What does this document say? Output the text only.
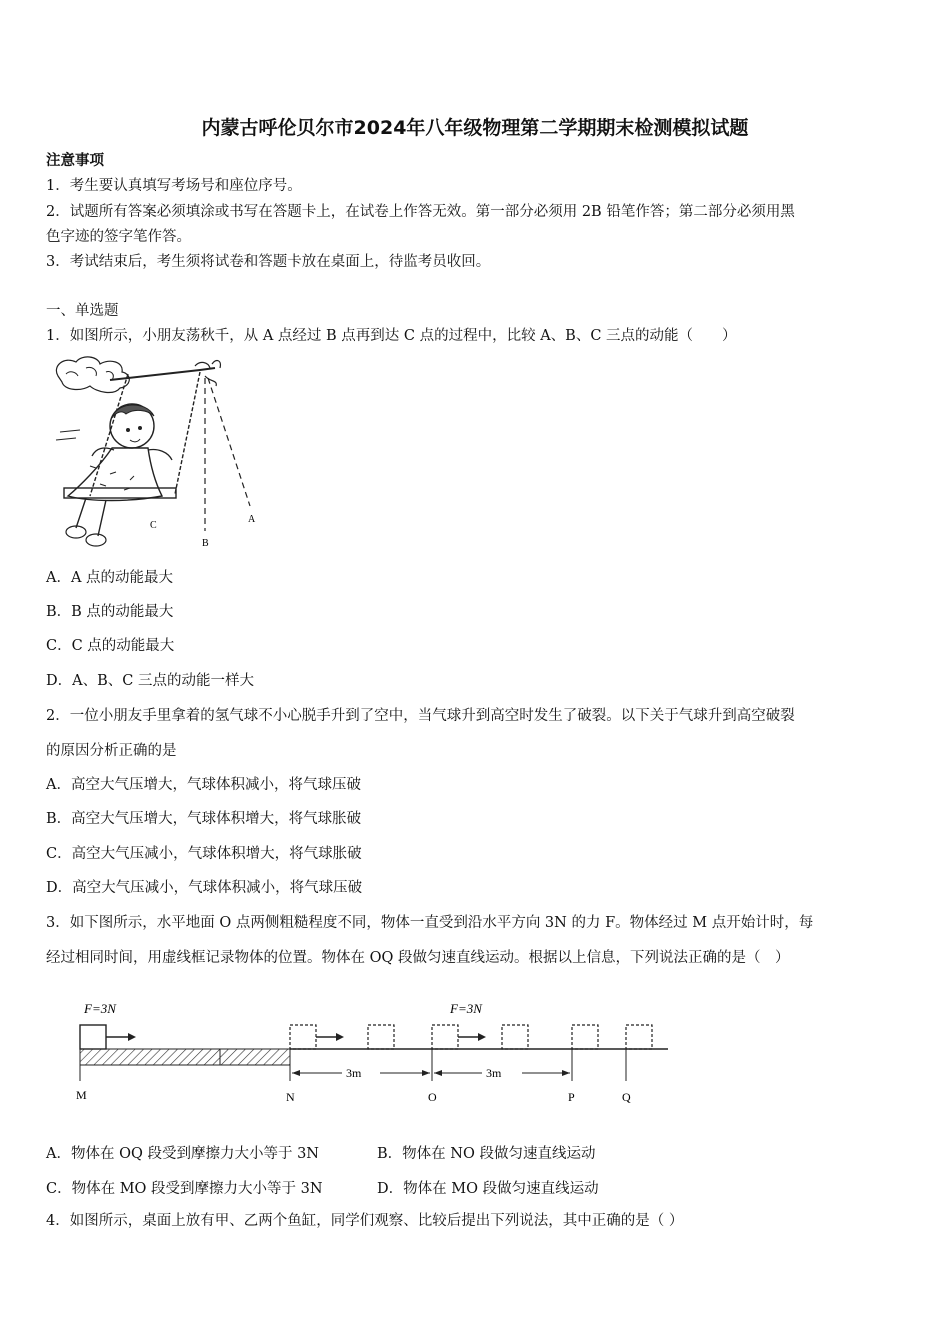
内蒙古呼伦贝尔市2024年八年级物理第二学期期末检测模拟试题
注意事项
1．考生要认真填写考场号和座位序号。
2．试题所有答案必须填涂或书写在答题卡上，在试卷上作答无效。第一部分必须用 2B 铅笔作答；第二部分必须用黑
色字迹的签字笔作答。
3．考试结束后，考生须将试卷和答题卡放在桌面上，待监考员收回。
一、单选题
1．如图所示，小朋友荡秋千，从 A 点经过 B 点再到达 C 点的过程中，比较 A、B、C 三点的动能（　　）
A
B
C
A．A 点的动能最大
B．B 点的动能最大
C．C 点的动能最大
D．A、B、C 三点的动能一样大
2．一位小朋友手里拿着的氢气球不小心脱手升到了空中，当气球升到高空时发生了破裂。以下关于气球升到高空破裂
的原因分析正确的是
A．高空大气压增大，气球体积减小，将气球压破
B．高空大气压增大，气球体积增大，将气球胀破
C．高空大气压减小，气球体积增大，将气球胀破
D．高空大气压减小，气球体积减小，将气球压破
3．如下图所示，水平地面 O 点两侧粗糙程度不同，物体一直受到沿水平方向 3N 的力 F。物体经过 M 点开始计时，每
经过相同时间，用虚线框记录物体的位置。物体在 OQ 段做匀速直线运动。根据以上信息，下列说法正确的是（　）
F=3N	F=3N
3m	3m
M	N	O	P	Q
A．物体在 OQ 段受到摩擦力大小等于 3N	B．物体在 NO 段做匀速直线运动
C．物体在 MO 段受到摩擦力大小等于 3N	D．物体在 MO 段做匀速直线运动
4．如图所示，桌面上放有甲、乙两个鱼缸，同学们观察、比较后提出下列说法，其中正确的是（ ）
